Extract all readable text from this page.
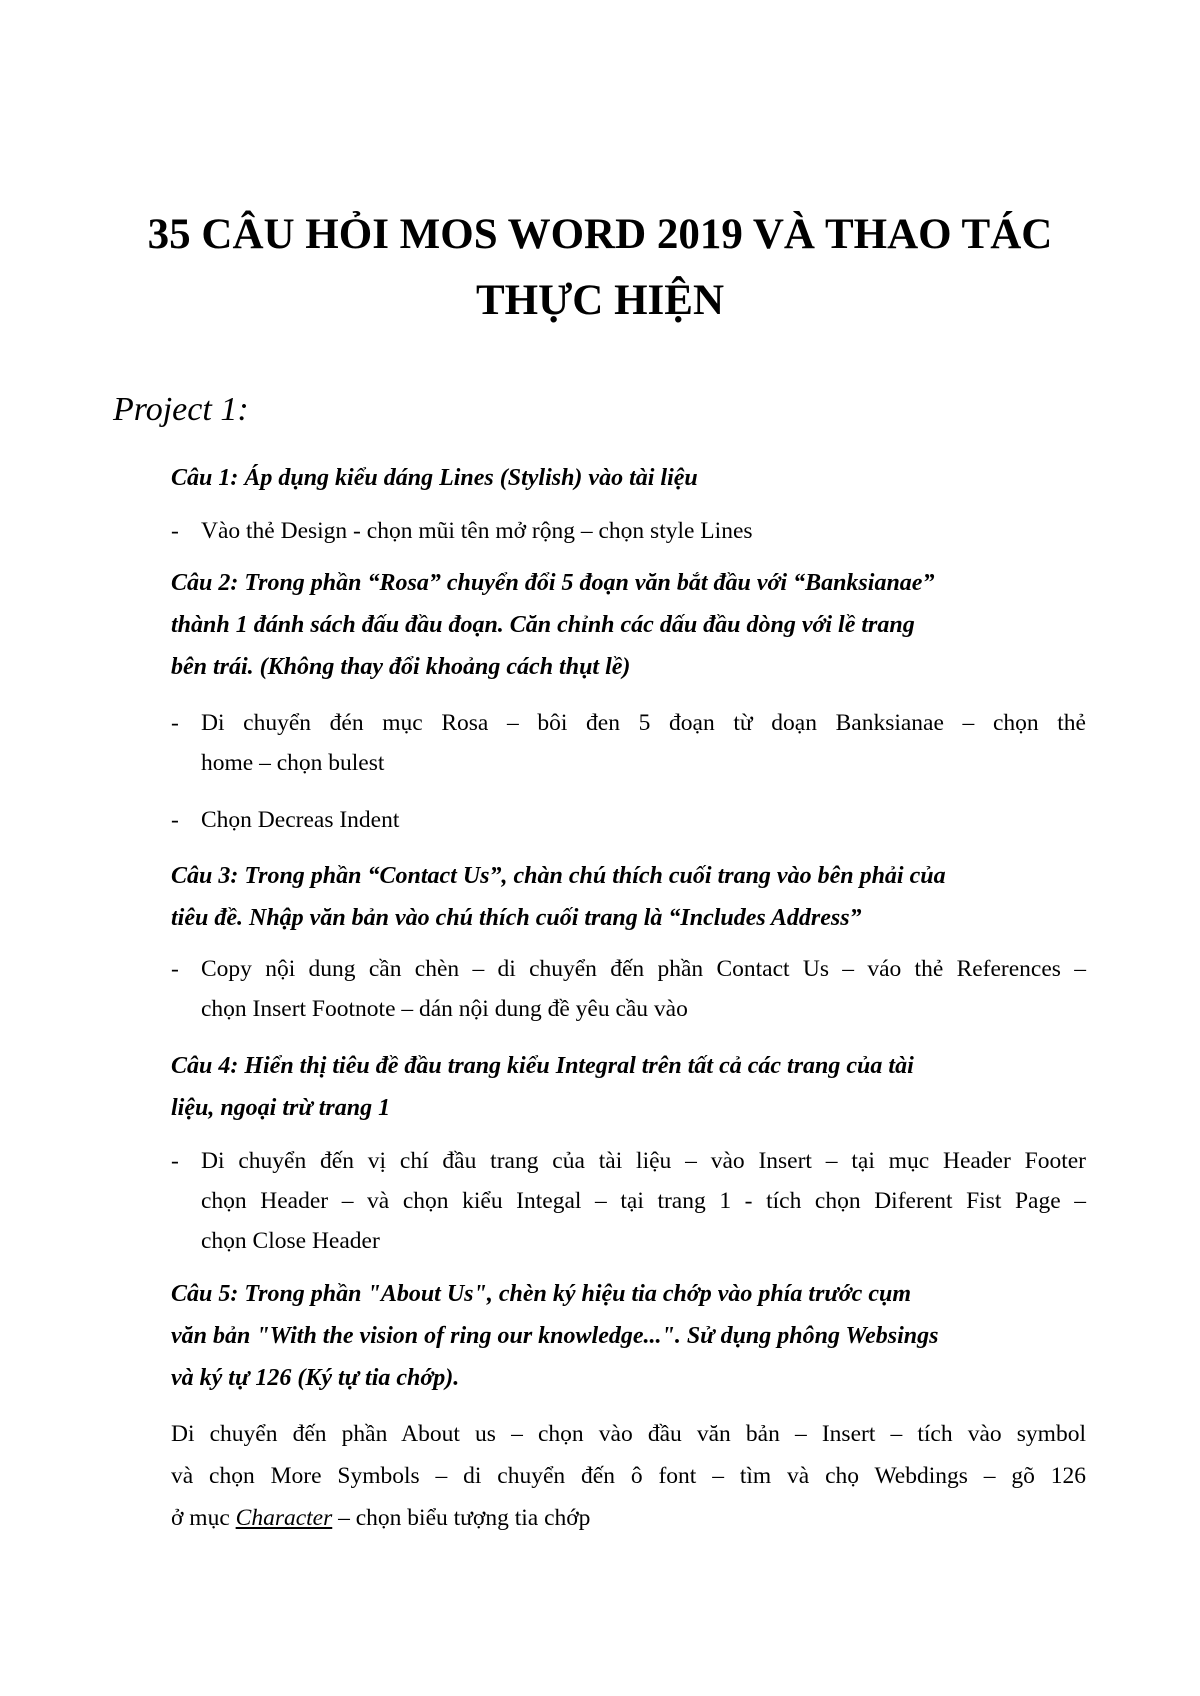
35 CÂU HỎI MOS WORD 2019 VÀ THAO TÁC
THỰC HIỆN
Project 1:
Câu 1: Áp dụng kiểu dáng Lines (Stylish) vào tài liệu
- Vào thẻ Design - chọn mũi tên mở rộng – chọn style Lines
Câu 2: Trong phần “Rosa” chuyển đổi 5 đoạn văn bắt đầu với “Banksianae”
thành 1 đánh sách đấu đầu đoạn. Căn chỉnh các dấu đầu dòng với lề trang
bên trái. (Không thay đổi khoảng cách thụt lề)
- Di chuyển đén mục Rosa – bôi đen 5 đoạn từ doạn Banksianae – chọn thẻ
home – chọn bulest
- Chọn Decreas Indent
Câu 3: Trong phần “Contact Us”, chàn chú thích cuối trang vào bên phải của
tiêu đề. Nhập văn bản vào chú thích cuối trang là “Includes Address”
- Copy nội dung cần chèn – di chuyển đến phần Contact Us – váo thẻ References –
chọn Insert Footnote – dán nội dung đề yêu cầu vào
Câu 4: Hiển thị tiêu đề đầu trang kiểu Integral trên tất cả các trang của tài
liệu, ngoại trừ trang 1
- Di chuyển đến vị chí đầu trang của tài liệu – vào Insert – tại mục Header Footer
chọn Header – và chọn kiểu Integal – tại trang 1 - tích chọn Diferent Fist Page –
chọn Close Header
Câu 5: Trong phần "About Us", chèn ký hiệu tia chớp vào phía trước cụm
văn bản "With the vision of ring our knowledge...". Sử dụng phông Websings
và ký tự 126 (Ký tự tia chớp).
Di chuyển đến phần About us – chọn vào đầu văn bản – Insert – tích vào symbol
và chọn More Symbols – di chuyển đến ô font – tìm và chọ Webdings – gõ 126
ở mục Character – chọn biểu tượng tia chớp
